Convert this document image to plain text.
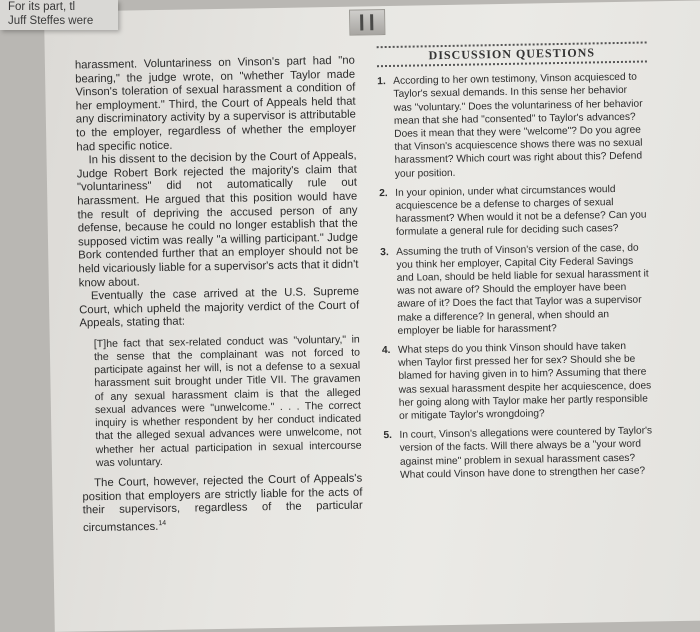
harassment. Voluntariness on Vinson's part had "no bearing," the judge wrote, on "whether Taylor made Vinson's toleration of sexual harassment a condition of her employment." Third, the Court of Appeals held that any discriminatory activity by a supervisor is attributable to the employer, regardless of whether the employer had specific notice.

In his dissent to the decision by the Court of Appeals, Judge Robert Bork rejected the majority's claim that "voluntariness" did not automatically rule out harassment. He argued that this position would have the result of depriving the accused person of any defense, because he could no longer establish that the supposed victim was really "a willing participant." Judge Bork contended further that an employer should not be held vicariously liable for a supervisor's acts that it didn't know about.

Eventually the case arrived at the U.S. Supreme Court, which upheld the majority verdict of the Court of Appeals, stating that:

[T]he fact that sex-related conduct was "voluntary," in the sense that the complainant was not forced to participate against her will, is not a defense to a sexual harassment suit brought under Title VII. The gravamen of any sexual harassment claim is that the alleged sexual advances were "unwelcome." . . . The correct inquiry is whether respondent by her conduct indicated that the alleged sexual advances were unwelcome, not whether her actual participation in sexual intercourse was voluntary.

The Court, however, rejected the Court of Appeals's position that employers are strictly liable for the acts of their supervisors, regardless of the particular circumstances.$^{14}$

DISCUSSION QUESTIONS
1. According to her own testimony, Vinson acquiesced to Taylor's sexual demands. In this sense her behavior was "voluntary." Does the voluntariness of her behavior mean that she had "consented" to Taylor's advances? Does it mean that they were "welcome"? Do you agree that Vinson's acquiescence shows there was no sexual harassment? Which court was right about this? Defend your position.
2. In your opinion, under what circumstances would acquiescence be a defense to charges of sexual harassment? When would it not be a defense? Can you formulate a general rule for deciding such cases?
3. Assuming the truth of Vinson's version of the case, do you think her employer, Capital City Federal Savings and Loan, should be held liable for sexual harassment it was not aware of? Should the employer have been aware of it? Does the fact that Taylor was a supervisor make a difference? In general, when should an employer be liable for harassment?
4. What steps do you think Vinson should have taken when Taylor first pressed her for sex? Should she be blamed for having given in to him? Assuming that there was sexual harassment despite her acquiescence, does her going along with Taylor make her partly responsible or mitigate Taylor's wrongdoing?
5. In court, Vinson's allegations were countered by Taylor's version of the facts. Will there always be a "your word against mine" problem in sexual harassment cases? What could Vinson have done to strengthen her case?
For its part, tl
Juff Steffes were
